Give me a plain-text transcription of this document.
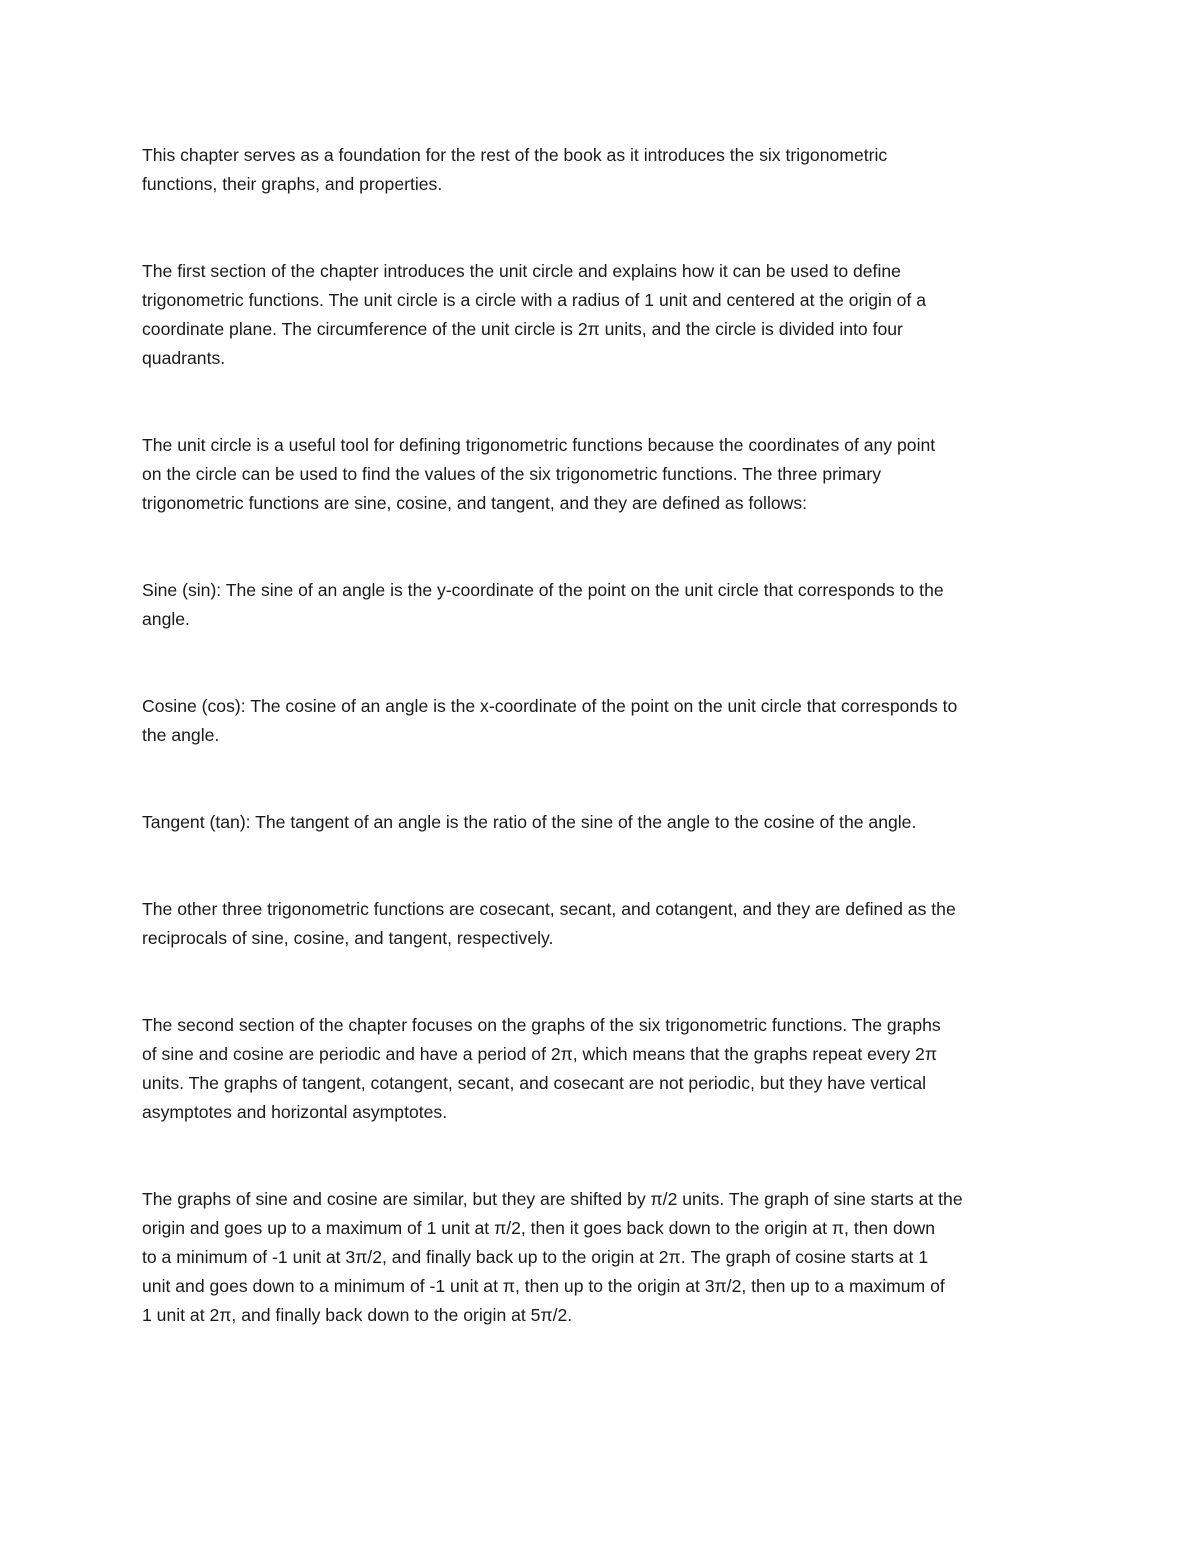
This chapter serves as a foundation for the rest of the book as it introduces the six trigonometric
functions, their graphs, and properties.

The first section of the chapter introduces the unit circle and explains how it can be used to define
trigonometric functions. The unit circle is a circle with a radius of 1 unit and centered at the origin of a
coordinate plane. The circumference of the unit circle is 2π units, and the circle is divided into four
quadrants.

The unit circle is a useful tool for defining trigonometric functions because the coordinates of any point
on the circle can be used to find the values of the six trigonometric functions. The three primary
trigonometric functions are sine, cosine, and tangent, and they are defined as follows:

Sine (sin): The sine of an angle is the y-coordinate of the point on the unit circle that corresponds to the
angle.

Cosine (cos): The cosine of an angle is the x-coordinate of the point on the unit circle that corresponds to
the angle.

Tangent (tan): The tangent of an angle is the ratio of the sine of the angle to the cosine of the angle.

The other three trigonometric functions are cosecant, secant, and cotangent, and they are defined as the
reciprocals of sine, cosine, and tangent, respectively.

The second section of the chapter focuses on the graphs of the six trigonometric functions. The graphs
of sine and cosine are periodic and have a period of 2π, which means that the graphs repeat every 2π
units. The graphs of tangent, cotangent, secant, and cosecant are not periodic, but they have vertical
asymptotes and horizontal asymptotes.

The graphs of sine and cosine are similar, but they are shifted by π/2 units. The graph of sine starts at the
origin and goes up to a maximum of 1 unit at π/2, then it goes back down to the origin at π, then down
to a minimum of -1 unit at 3π/2, and finally back up to the origin at 2π. The graph of cosine starts at 1
unit and goes down to a minimum of -1 unit at π, then up to the origin at 3π/2, then up to a maximum of
1 unit at 2π, and finally back down to the origin at 5π/2.
